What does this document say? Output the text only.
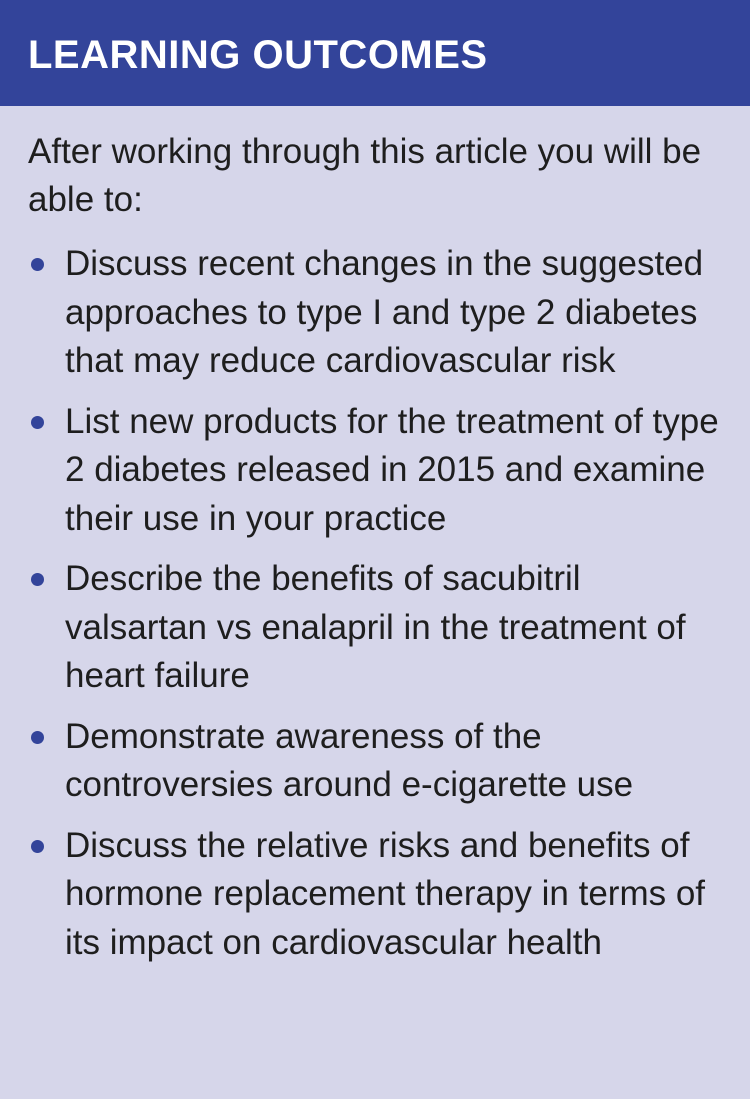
LEARNING OUTCOMES

After working through this article you will be able to:

Discuss recent changes in the suggested approaches to type I and type 2 diabetes that may reduce cardiovascular risk
List new products for the treatment of type 2 diabetes released in 2015 and examine their use in your practice
Describe the benefits of sacubitril valsartan vs enalapril in the treatment of heart failure
Demonstrate awareness of the controversies around e-cigarette use
Discuss the relative risks and benefits of hormone replacement therapy in terms of its impact on cardiovascular health
